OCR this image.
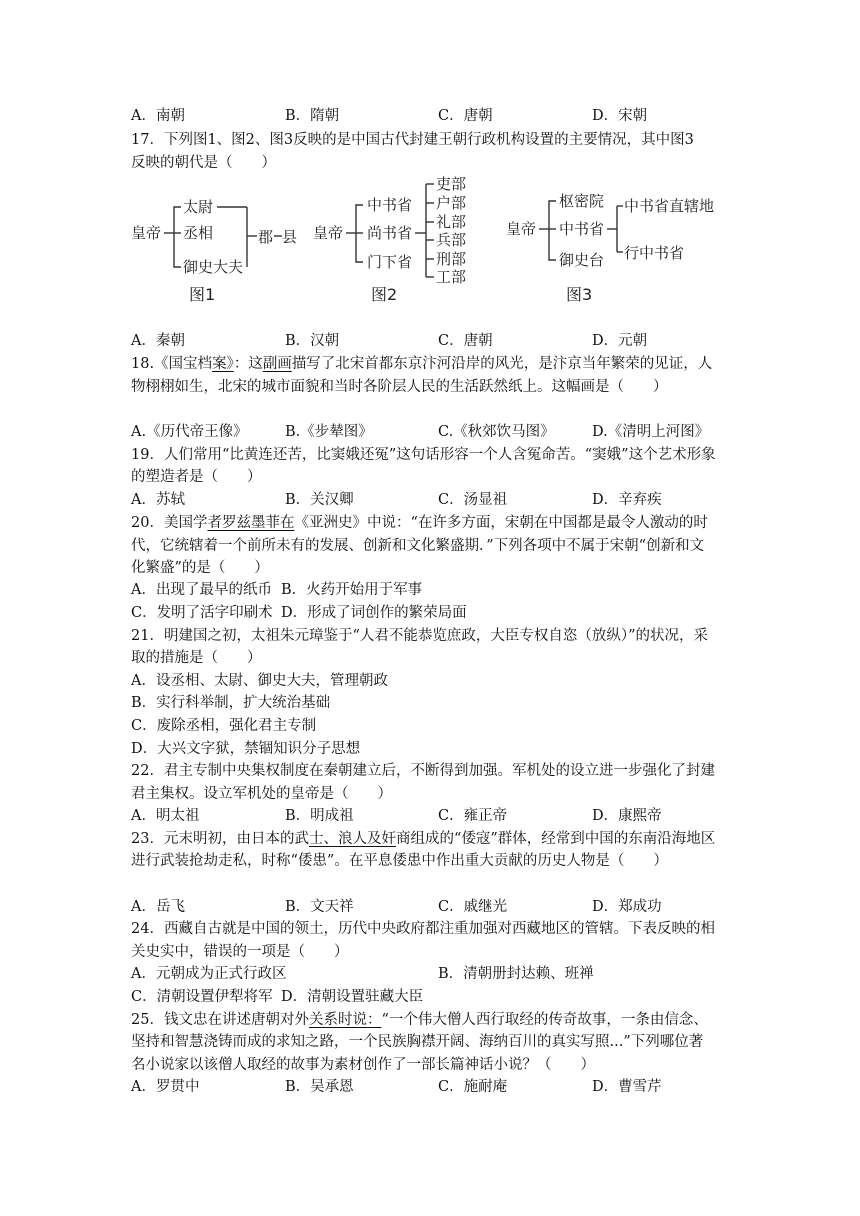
A．南朝	B．隋朝	C．唐朝	D．宋朝
17．下列图1、图2、图3反映的是中国古代封建王朝行政机构设置的主要情况，其中图3
反映的朝代是（　　）
皇帝
太尉
丞相
御史大夫
郡 县
图1
皇帝
中书省
尚书省
门下省
吏部
户部
礼部
兵部
刑部
工部
图2
皇帝
枢密院
中书省
御史台
中书省直辖地
行中书省
图3
A．秦朝	B．汉朝	C．唐朝	D．元朝
18.《国宝档案》：这副画描写了北宋首都东京汴河沿岸的风光，是汴京当年繁荣的见证，人
物栩栩如生，北宋的城市面貌和当时各阶层人民的生活跃然纸上。这幅画是（　　）
A.《历代帝王像》	B.《步辇图》	C.《秋郊饮马图》	D.《清明上河图》
19．人们常用“比黄连还苦，比窦娥还冤”这句话形容一个人含冤命苦。“窦娥”这个艺术形象
的塑造者是（　　）
A．苏轼	B．关汉卿	C．汤显祖	D．辛弃疾
20．美国学者罗兹墨菲在《亚洲史》中说：“在许多方面，宋朝在中国都是最令人激动的时
代，它统辖着一个前所未有的发展、创新和文化繁盛期．”下列各项中不属于宋朝“创新和文
化繁盛”的是（　　）
A．出现了最早的纸币 B．火药开始用于军事
C．发明了活字印刷术 D．形成了词创作的繁荣局面
21．明建国之初，太祖朱元璋鉴于“人君不能恭览庶政，大臣专权自恣（放纵）”的状况，采
取的措施是（　　）
A．设丞相、太尉、御史大夫，管理朝政
B．实行科举制，扩大统治基础
C．废除丞相，强化君主专制
D．大兴文字狱，禁锢知识分子思想
22．君主专制中央集权制度在秦朝建立后，不断得到加强。军机处的设立进一步强化了封建
君主集权。设立军机处的皇帝是（　　）
A．明太祖	B．明成祖	C．雍正帝	D．康熙帝
23．元末明初，由日本的武士、浪人及奸商组成的“倭寇”群体，经常到中国的东南沿海地区
进行武装抢劫走私，时称“倭患”。在平息倭患中作出重大贡献的历史人物是（　　）
A．岳飞	B．文天祥	C．戚继光	D．郑成功
24．西藏自古就是中国的领土，历代中央政府都注重加强对西藏地区的管辖。下表反映的相
关史实中，错误的一项是（　　）
A．元朝成为正式行政区	B．清朝册封达赖、班禅
C．清朝设置伊犁将军 D．清朝设置驻藏大臣
25．钱文忠在讲述唐朝对外关系时说：“一个伟大僧人西行取经的传奇故事，一条由信念、
坚持和智慧浇铸而成的求知之路，一个民族胸襟开阔、海纳百川的真实写照...”下列哪位著
名小说家以该僧人取经的故事为素材创作了一部长篇神话小说？（　　）
A．罗贯中	B．吴承恩	C．施耐庵	D．曹雪芹
